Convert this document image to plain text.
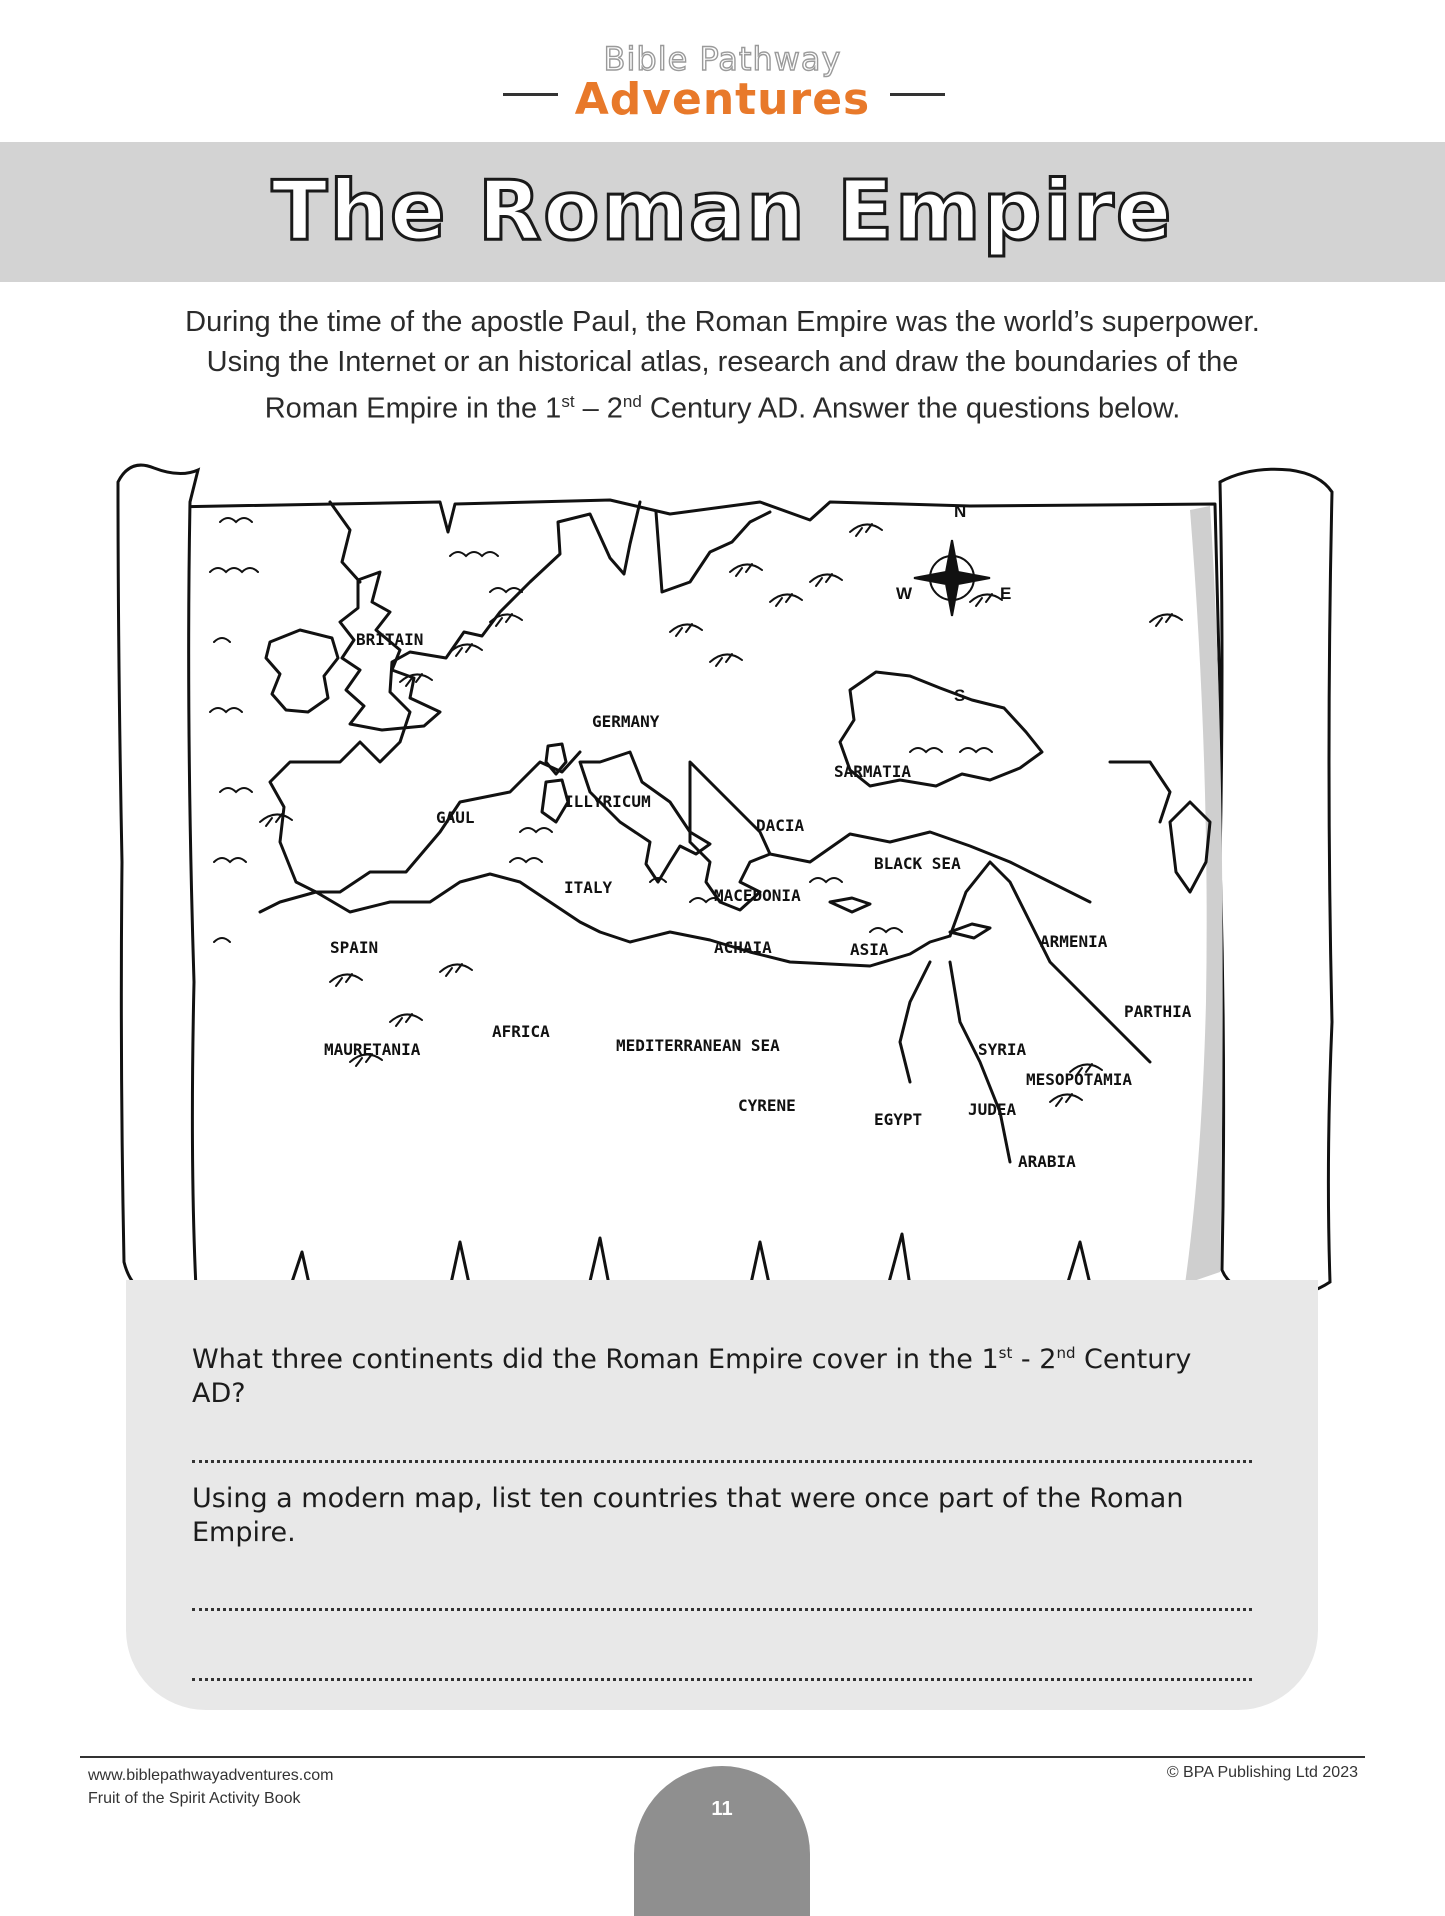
Bible Pathway
Adventures
The Roman Empire

During the time of the apostle Paul, the Roman Empire was the world’s superpower.

Using the Internet or an historical atlas, research and draw the boundaries of the

Roman Empire in the 1st – 2nd Century AD. Answer the questions below.

N
S
E
W
BRITAIN
GERMANY
SARMATIA
GAUL
ILLYRICUM
DACIA
BLACK SEA
ITALY	MACEDONIA
SPAIN	ACHAIA	ASIA	ARMENIA
PARTHIA
MAURETANIA
AFRICA
MEDITERRANEAN SEA	SYRIA
MESOPOTAMIA
CYRENE
EGYPT
JUDEA
ARABIA
What three continents did the Roman Empire cover in the 1st - 2nd Century AD?
Using a modern map, list ten countries that were once part of the Roman Empire.
www.biblepathwayadventures.com
Fruit of the Spirit Activity Book
© BPA Publishing Ltd 2023
11
